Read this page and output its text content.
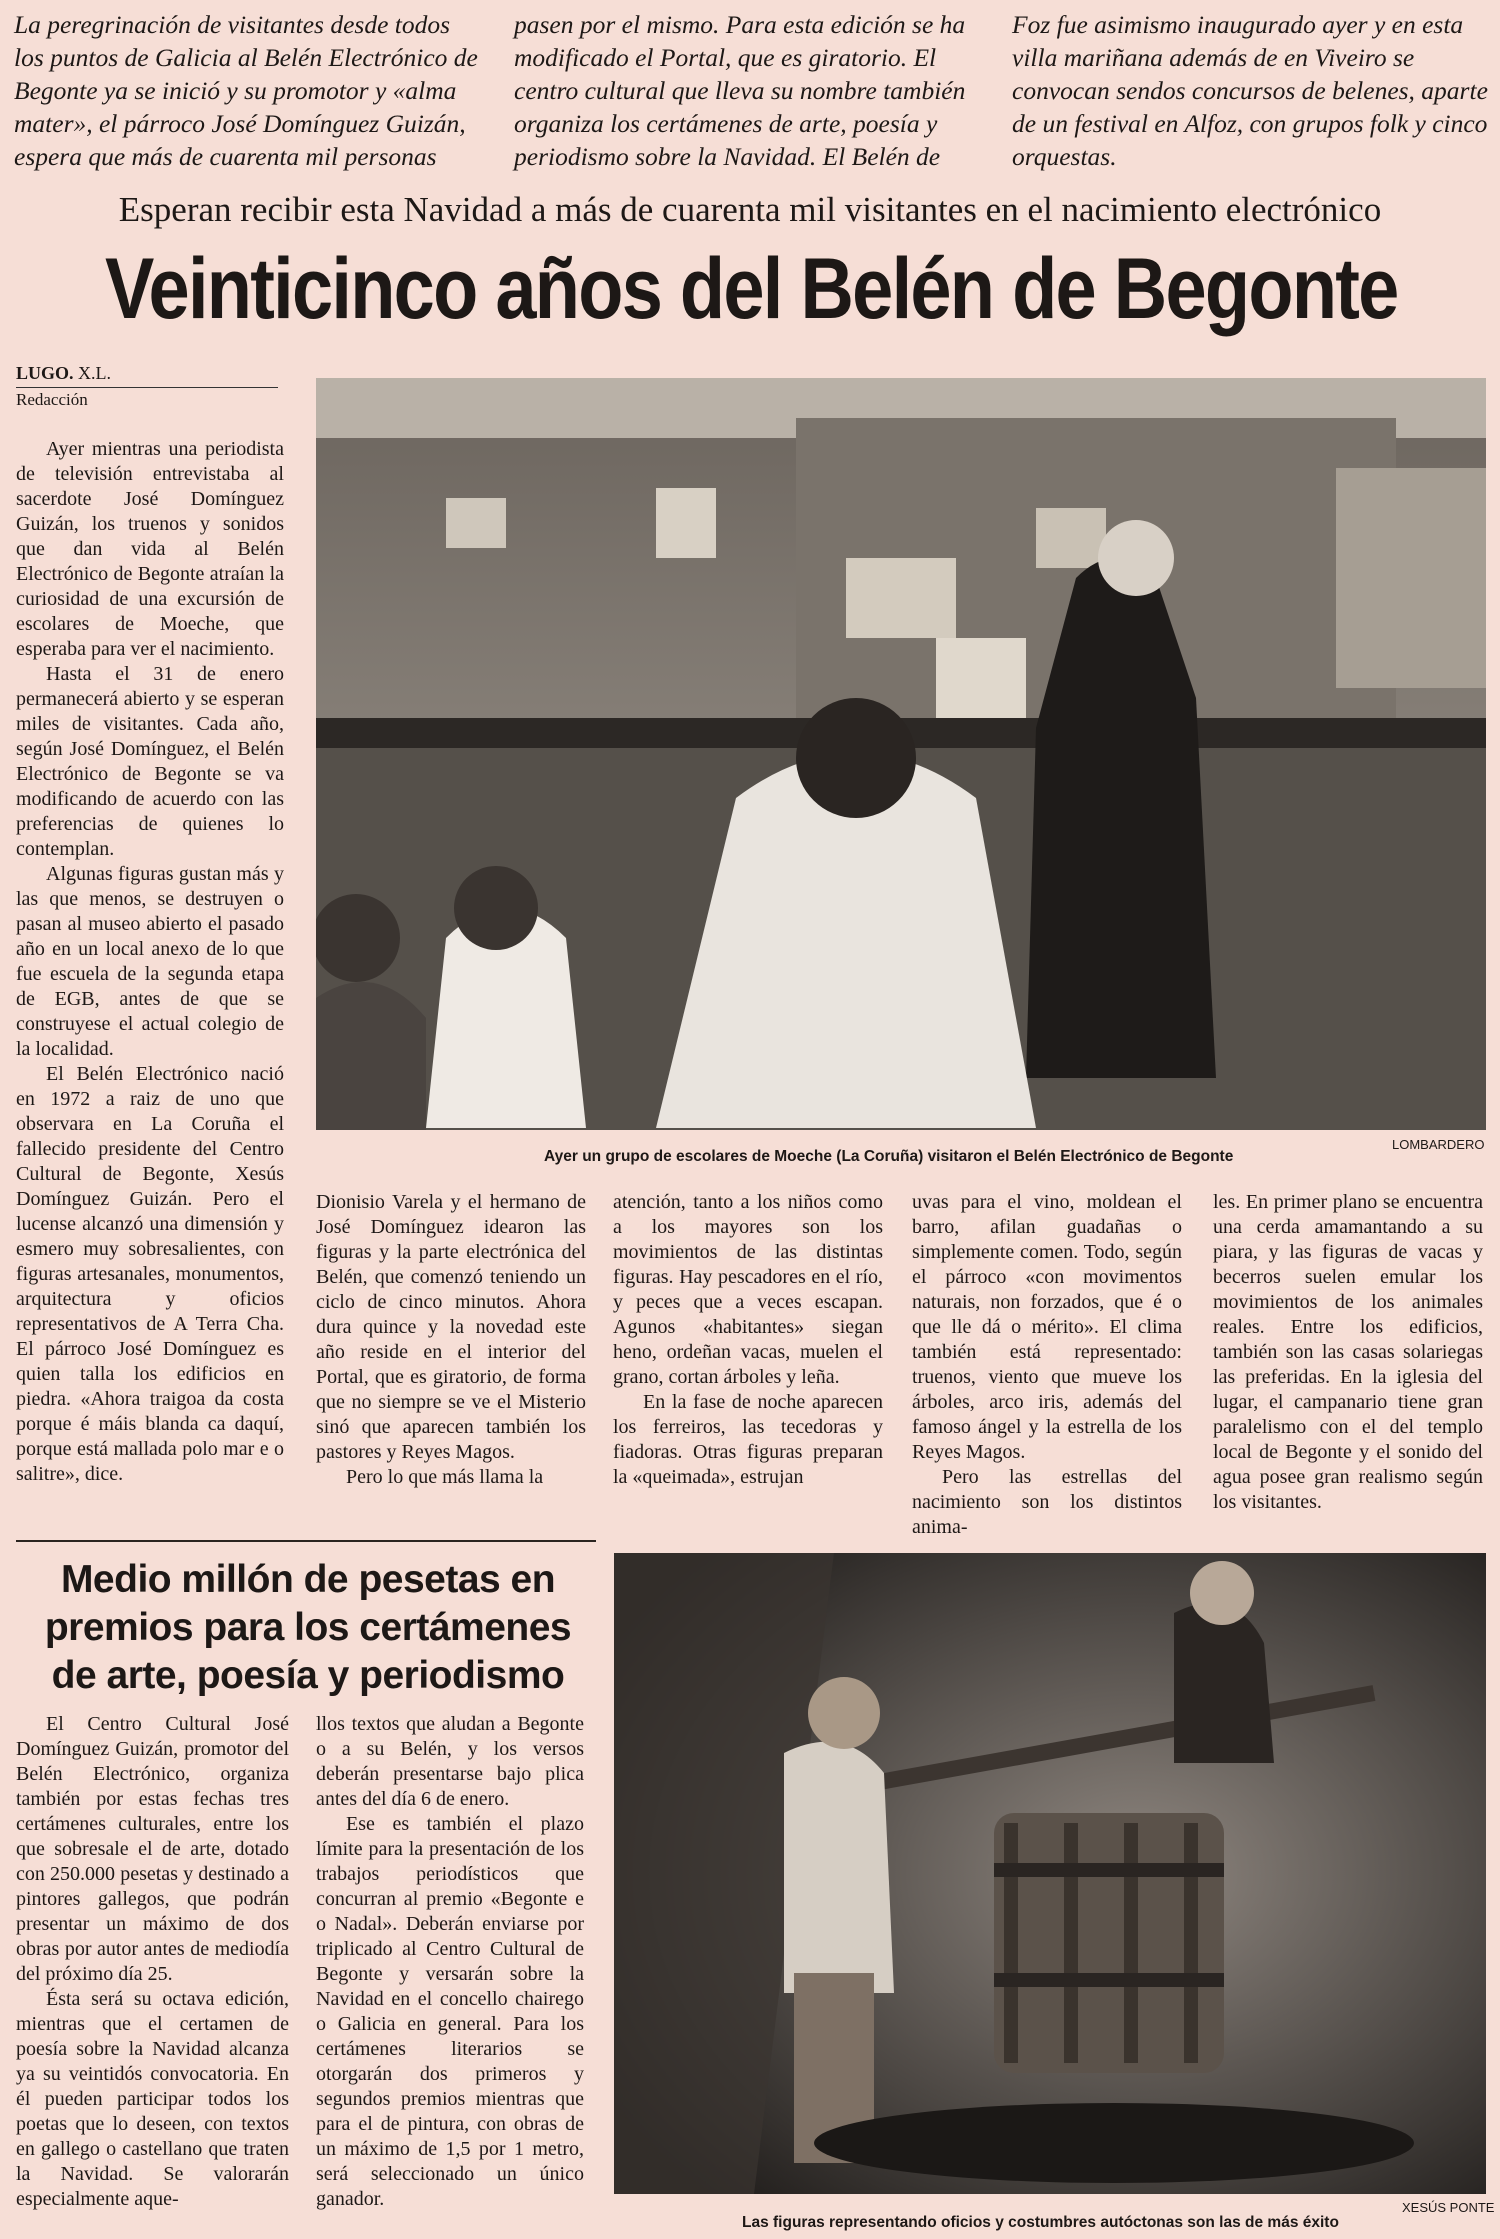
La peregrinación de visitantes desde todos los puntos de Galicia al Belén Electrónico de Begonte ya se inició y su promotor y «alma mater», el párroco José Domínguez Guizán, espera que más de cuarenta mil personas
pasen por el mismo. Para esta edición se ha modificado el Portal, que es giratorio. El centro cultural que lleva su nombre también organiza los certámenes de arte, poesía y periodismo sobre la Navidad. El Belén de
Foz fue asimismo inaugurado ayer y en esta villa mariñana además de en Viveiro se convocan sendos concursos de belenes, aparte de un festival en Alfoz, con grupos folk y cinco orquestas.
Esperan recibir esta Navidad a más de cuarenta mil visitantes en el nacimiento electrónico
Veinticinco años del Belén de Begonte
LUGO. X.L.
Redacción

Ayer mientras una periodista de televisión entrevistaba al sacerdote José Domínguez Guizán, los truenos y sonidos que dan vida al Belén Electrónico de Begonte atraían la curiosidad de una excursión de escolares de Moeche, que esperaba para ver el nacimiento.

Hasta el 31 de enero permanecerá abierto y se esperan miles de visitantes. Cada año, según José Domínguez, el Belén Electrónico de Begonte se va modificando de acuerdo con las preferencias de quienes lo contemplan.

Algunas figuras gustan más y las que menos, se destruyen o pasan al museo abierto el pasado año en un local anexo de lo que fue escuela de la segunda etapa de EGB, antes de que se construyese el actual colegio de la localidad.

El Belén Electrónico nació en 1972 a raiz de uno que observara en La Coruña el fallecido presidente del Centro Cultural de Begonte, Xesús Domínguez Guizán. Pero el lucense alcanzó una dimensión y esmero muy sobresalientes, con figuras artesanales, monumentos, arquitectura y oficios representativos de A Terra Cha. El párroco José Domínguez es quien talla los edificios en piedra. «Ahora traigoa da costa porque é máis blanda ca daquí, porque está mallada polo mar e o salitre», dice.

LOMBARDERO
Ayer un grupo de escolares de Moeche (La Coruña) visitaron el Belén Electrónico de Begonte

Dionisio Varela y el hermano de José Domínguez idearon las figuras y la parte electrónica del Belén, que comenzó teniendo un ciclo de cinco minutos. Ahora dura quince y la novedad este año reside en el interior del Portal, que es giratorio, de forma que no siempre se ve el Misterio sinó que aparecen también los pastores y Reyes Magos.

Pero lo que más llama la

atención, tanto a los niños como a los mayores son los movimientos de las distintas figuras. Hay pescadores en el río, y peces que a veces escapan. Agunos «habitantes» siegan heno, ordeñan vacas, muelen el grano, cortan árboles y leña.

En la fase de noche aparecen los ferreiros, las tecedoras y fiadoras. Otras figuras preparan la «queimada», estrujan

uvas para el vino, moldean el barro, afilan guadañas o simplemente comen. Todo, según el párroco «con movimentos naturais, non forzados, que é o que lle dá o mérito». El clima también está representado: truenos, viento que mueve los árboles, arco iris, además del famoso ángel y la estrella de los Reyes Magos.

Pero las estrellas del nacimiento son los distintos anima-

les. En primer plano se encuentra una cerda amamantando a su piara, y las figuras de vacas y becerros suelen emular los movimientos de los animales reales. Entre los edificios, también son las casas solariegas las preferidas. En la iglesia del lugar, el campanario tiene gran paralelismo con el del templo local de Begonte y el sonido del agua posee gran realismo según los visitantes.

Medio millón de pesetas en premios para los certámenes de arte, poesía y periodismo

El Centro Cultural José Domínguez Guizán, promotor del Belén Electrónico, organiza también por estas fechas tres certámenes culturales, entre los que sobresale el de arte, dotado con 250.000 pesetas y destinado a pintores gallegos, que podrán presentar un máximo de dos obras por autor antes de mediodía del próximo día 25.

Ésta será su octava edición, mientras que el certamen de poesía sobre la Navidad alcanza ya su veintidós convocatoria. En él pueden participar todos los poetas que lo deseen, con textos en gallego o castellano que traten la Navidad. Se valorarán especialmente aque-

llos textos que aludan a Begonte o a su Belén, y los versos deberán presentarse bajo plica antes del día 6 de enero.

Ese es también el plazo límite para la presentación de los trabajos periodísticos que concurran al premio «Begonte e o Nadal». Deberán enviarse por triplicado al Centro Cultural de Begonte y versarán sobre la Navidad en el concello chairego o Galicia en general. Para los certámenes literarios se otorgarán dos primeros y segundos premios mientras que para el de pintura, con obras de un máximo de 1,5 por 1 metro, será seleccionado un único ganador.	XESÚS PONTE
Las figuras representando oficios y costumbres autóctonas son las de más éxito
